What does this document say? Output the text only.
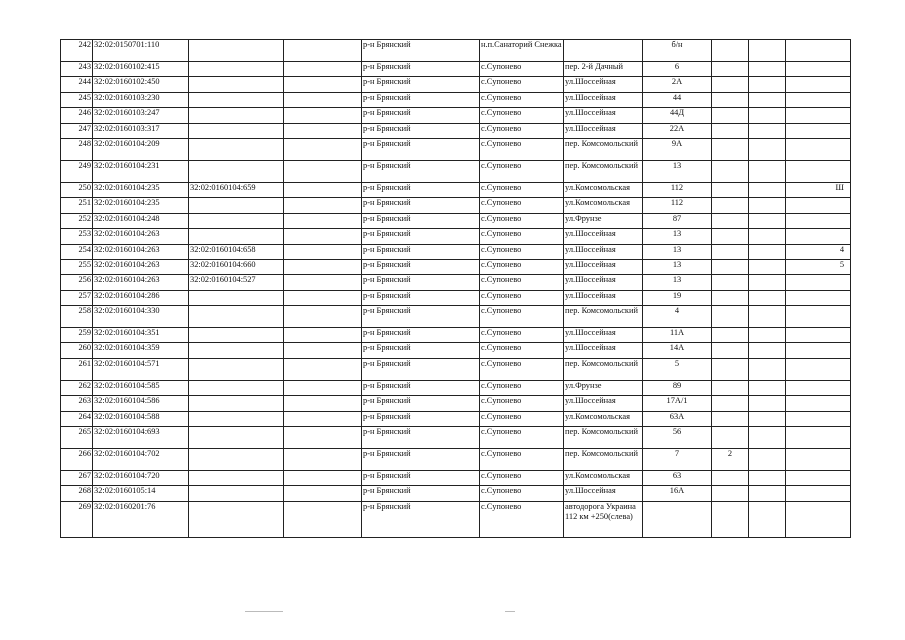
242	32:02:0150701:110			р-н Брянский	н.п.Санаторий Снежка		б/н			
243	32:02:0160102:415			р-н Брянский	с.Супонево	пер. 2-й Дачный	6			
244	32:02:0160102:450			р-н Брянский	с.Супонево	ул.Шоссейная	2А			
245	32:02:0160103:230			р-н Брянский	с.Супонево	ул.Шоссейная	44			
246	32:02:0160103:247			р-н Брянский	с.Супонево	ул.Шоссейная	44Д			
247	32:02:0160103:317			р-н Брянский	с.Супонево	ул.Шоссейная	22А			
248	32:02:0160104:209			р-н Брянский	с.Супонево	пер. Комсомольский	9А			
249	32:02:0160104:231			р-н Брянский	с.Супонево	пер. Комсомольский	13			
250	32:02:0160104:235	32:02:0160104:659		р-н Брянский	с.Супонево	ул.Комсомольская	112			Ш
251	32:02:0160104:235			р-н Брянский	с.Супонево	ул.Комсомольская	112			
252	32:02:0160104:248			р-н Брянский	с.Супонево	ул.Фрунзе	87			
253	32:02:0160104:263			р-н Брянский	с.Супонево	ул.Шоссейная	13			
254	32:02:0160104:263	32:02:0160104:658		р-н Брянский	с.Супонево	ул.Шоссейная	13			4
255	32:02:0160104:263	32:02:0160104:660		р-н Брянский	с.Супонево	ул.Шоссейная	13			5
256	32:02:0160104:263	32:02:0160104:527		р-н Брянский	с.Супонево	ул.Шоссейная	13			
257	32:02:0160104:286			р-н Брянский	с.Супонево	ул.Шоссейная	19			
258	32:02:0160104:330			р-н Брянский	с.Супонево	пер. Комсомольский	4			
259	32:02:0160104:351			р-н Брянский	с.Супонево	ул.Шоссейная	11А			
260	32:02:0160104:359			р-н Брянский	с.Супонево	ул.Шоссейная	14А			
261	32:02:0160104:571			р-н Брянский	с.Супонево	пер. Комсомольский	5			
262	32:02:0160104:585			р-н Брянский	с.Супонево	ул.Фрунзе	89			
263	32:02:0160104:586			р-н Брянский	с.Супонево	ул.Шоссейная	17А/1			
264	32:02:0160104:588			р-н Брянский	с.Супонево	ул.Комсомольская	63А			
265	32:02:0160104:693			р-н Брянский	с.Супонево	пер. Комсомольский	56			
266	32:02:0160104:702			р-н Брянский	с.Супонево	пер. Комсомольский	7	2		
267	32:02:0160104:720			р-н Брянский	с.Супонево	ул.Комсомольская	63			
268	32:02:0160105:14			р-н Брянский	с.Супонево	ул.Шоссейная	16А			
269	32:02:0160201:76			р-н Брянский	с.Супонево	автодорога Украина 112 км +250(слева)				
